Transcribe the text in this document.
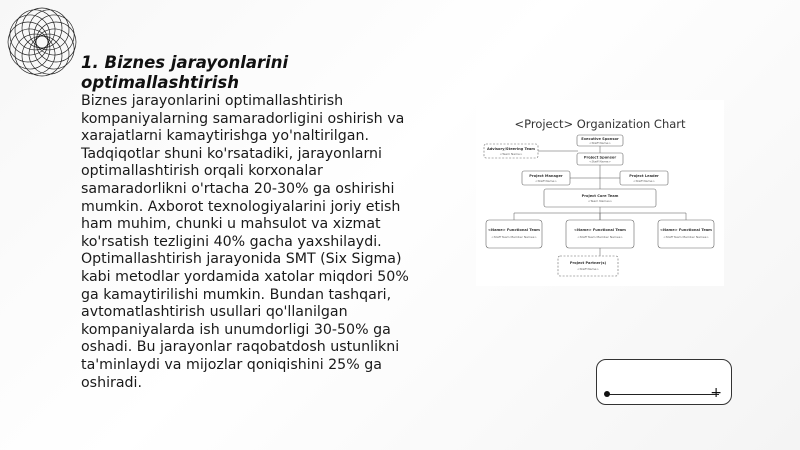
1. Biznes jarayonlarini optimallashtirish

Biznes jarayonlarini optimallashtirish kompaniyalarning samaradorligini oshirish va xarajatlarni kamaytirishga yo'naltirilgan. Tadqiqotlar shuni ko'rsatadiki, jarayonlarni optimallashtirish orqali korxonalar samaradorlikni o'rtacha 20-30% ga oshirishi mumkin. Axborot texnologiyalarini joriy etish ham muhim, chunki u mahsulot va xizmat ko'rsatish tezligini 40% gacha yaxshilaydi. Optimallashtirish jarayonida SMT (Six Sigma) kabi metodlar yordamida xatolar miqdori 50% ga kamaytirilishi mumkin. Bundan tashqari, avtomatlashtirish usullari qo'llanilgan kompaniyalarda ish unumdorligi 30-50% ga oshadi. Bu jarayonlar raqobatdosh ustunlikni ta'minlaydi va mijozlar qoniqishini 25% ga oshiradi.

<Project> Organization Chart
Executive Sponsor
<Staff Name>
Advisory/Steering Team
<Team Name>
Project Sponsor
<Staff Name>
Project Manager
<Staff Name>
Project Leader
<Staff Name>
Project Core Team
<Team Names>
<Name> Functional Team
<Staff Team Member Names>
<Name> Functional Team
<Staff Team Member Names>
<Name> Functional Team
<Staff Team Member Names>
Project Partner(s)
<Staff Name>
+
